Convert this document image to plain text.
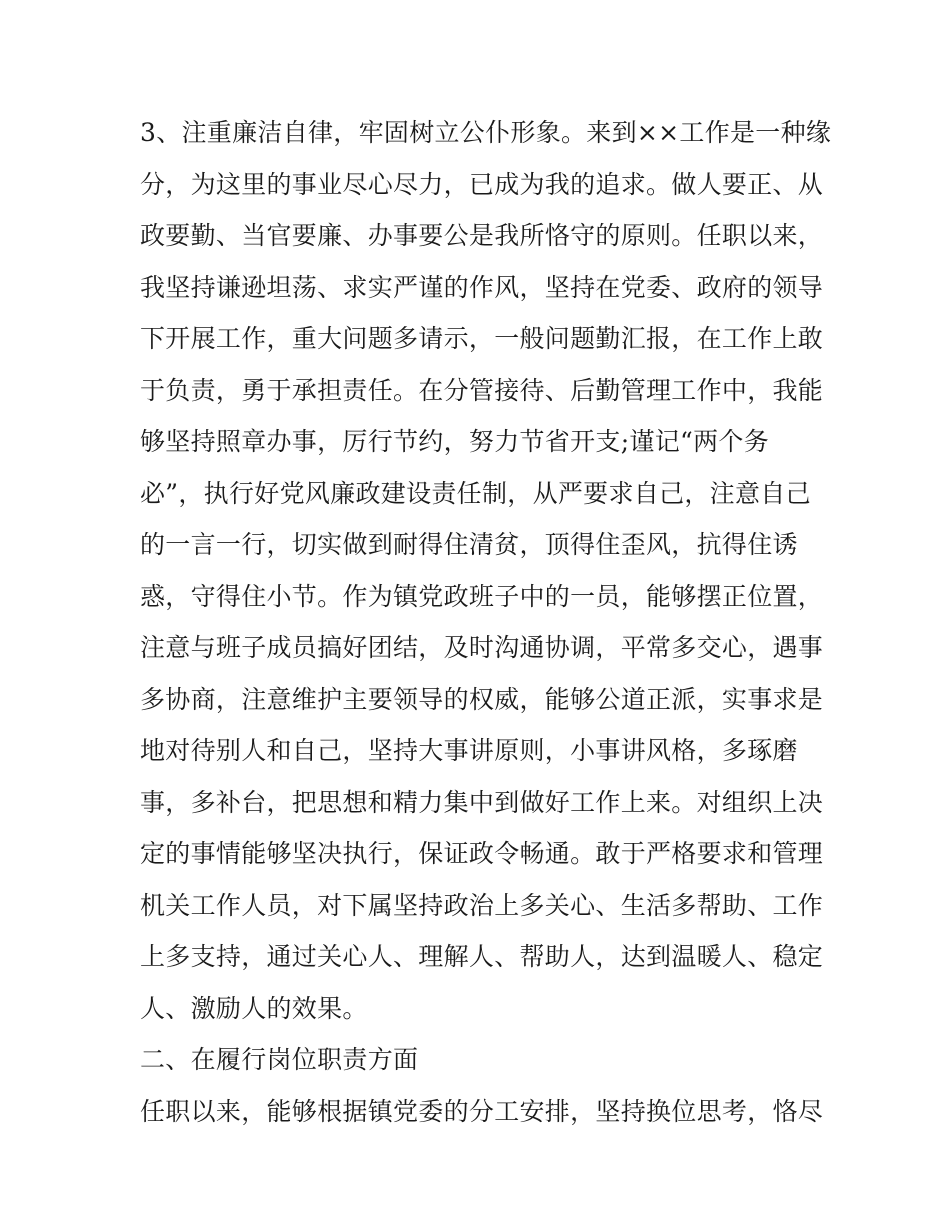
3、注重廉洁自律，牢固树立公仆形象。来到××工作是一种缘
分，为这里的事业尽心尽力，已成为我的追求。做人要正、从
政要勤、当官要廉、办事要公是我所恪守的原则。任职以来，
我坚持谦逊坦荡、求实严谨的作风，坚持在党委、政府的领导
下开展工作，重大问题多请示，一般问题勤汇报，在工作上敢
于负责，勇于承担责任。在分管接待、后勤管理工作中，我能
够坚持照章办事，厉行节约，努力节省开支;谨记“两个务
必”，执行好党风廉政建设责任制，从严要求自己，注意自己
的一言一行，切实做到耐得住清贫，顶得住歪风，抗得住诱
惑，守得住小节。作为镇党政班子中的一员，能够摆正位置，
注意与班子成员搞好团结，及时沟通协调，平常多交心，遇事
多协商，注意维护主要领导的权威，能够公道正派，实事求是
地对待别人和自己，坚持大事讲原则，小事讲风格，多琢磨
事，多补台，把思想和精力集中到做好工作上来。对组织上决
定的事情能够坚决执行，保证政令畅通。敢于严格要求和管理
机关工作人员，对下属坚持政治上多关心、生活多帮助、工作
上多支持，通过关心人、理解人、帮助人，达到温暖人、稳定
人、激励人的效果。
二、在履行岗位职责方面
任职以来，能够根据镇党委的分工安排，坚持换位思考，恪尽
